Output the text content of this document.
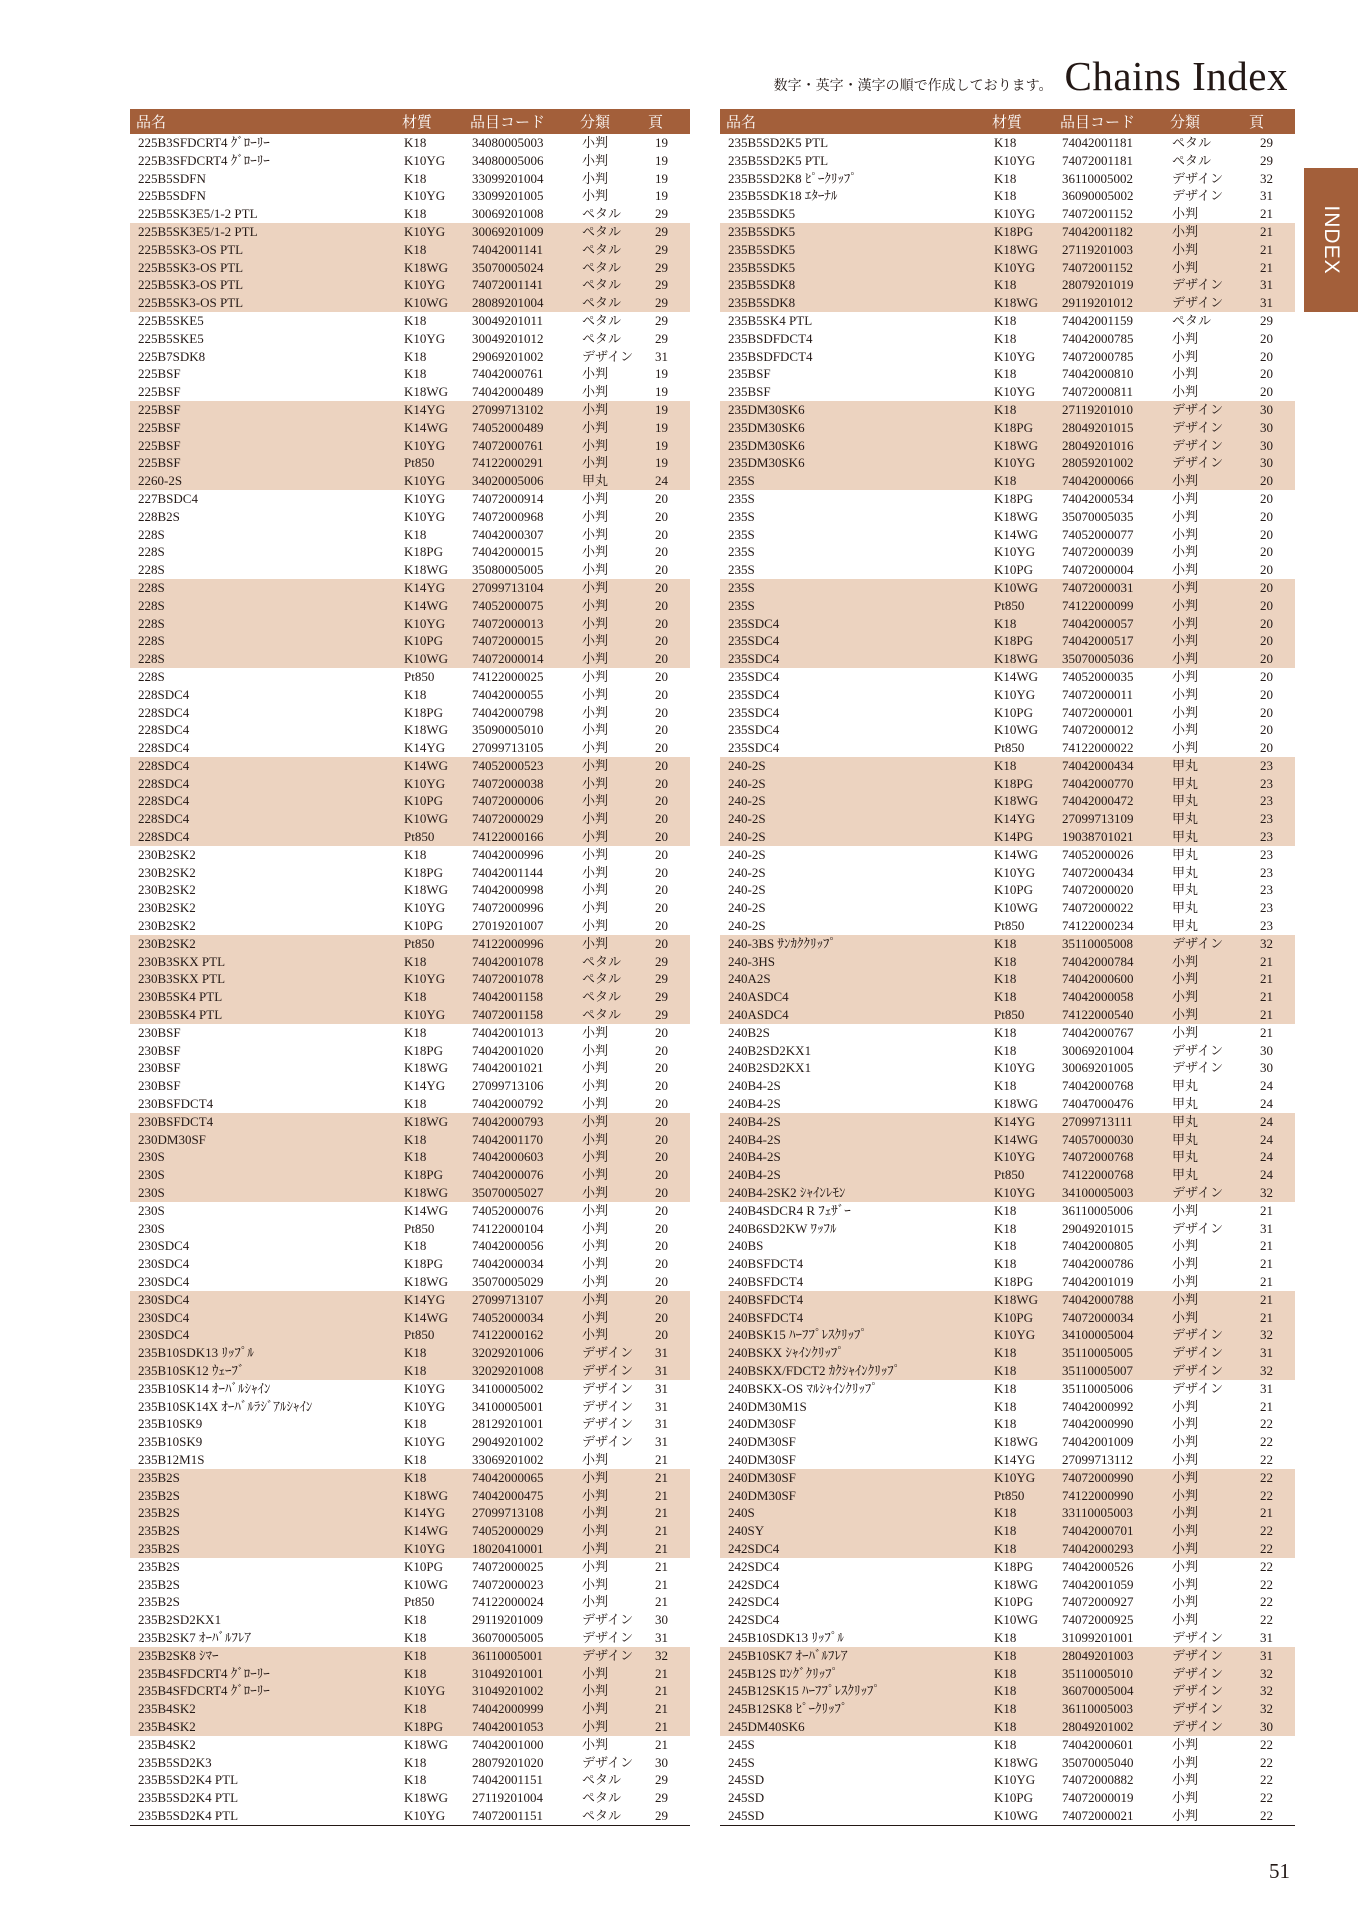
数字・英字・漢字の順で作成しております。 Chains Index
INDEX
品名	材質	品目コード	分類	頁
225B3SFDCRT4 ｸﾞﾛｰﾘｰ	K18	34080005003	小判	19
225B3SFDCRT4 ｸﾞﾛｰﾘｰ	K10YG	34080005006	小判	19
225B5SDFN	K18	33099201004	小判	19
225B5SDFN	K10YG	33099201005	小判	19
225B5SK3E5/1-2 PTL	K18	30069201008	ペタル	29
225B5SK3E5/1-2 PTL	K10YG	30069201009	ペタル	29
225B5SK3-OS PTL	K18	74042001141	ペタル	29
225B5SK3-OS PTL	K18WG	35070005024	ペタル	29
225B5SK3-OS PTL	K10YG	74072001141	ペタル	29
225B5SK3-OS PTL	K10WG	28089201004	ペタル	29
225B5SKE5	K18	30049201011	ペタル	29
225B5SKE5	K10YG	30049201012	ペタル	29
225B7SDK8	K18	29069201002	デザイン	31
225BSF	K18	74042000761	小判	19
225BSF	K18WG	74042000489	小判	19
225BSF	K14YG	27099713102	小判	19
225BSF	K14WG	74052000489	小判	19
225BSF	K10YG	74072000761	小判	19
225BSF	Pt850	74122000291	小判	19
2260-2S	K10YG	34020005006	甲丸	24
227BSDC4	K10YG	74072000914	小判	20
228B2S	K10YG	74072000968	小判	20
228S	K18	74042000307	小判	20
228S	K18PG	74042000015	小判	20
228S	K18WG	35080005005	小判	20
228S	K14YG	27099713104	小判	20
228S	K14WG	74052000075	小判	20
228S	K10YG	74072000013	小判	20
228S	K10PG	74072000015	小判	20
228S	K10WG	74072000014	小判	20
228S	Pt850	74122000025	小判	20
228SDC4	K18	74042000055	小判	20
228SDC4	K18PG	74042000798	小判	20
228SDC4	K18WG	35090005010	小判	20
228SDC4	K14YG	27099713105	小判	20
228SDC4	K14WG	74052000523	小判	20
228SDC4	K10YG	74072000038	小判	20
228SDC4	K10PG	74072000006	小判	20
228SDC4	K10WG	74072000029	小判	20
228SDC4	Pt850	74122000166	小判	20
230B2SK2	K18	74042000996	小判	20
230B2SK2	K18PG	74042001144	小判	20
230B2SK2	K18WG	74042000998	小判	20
230B2SK2	K10YG	74072000996	小判	20
230B2SK2	K10PG	27019201007	小判	20
230B2SK2	Pt850	74122000996	小判	20
230B3SKX PTL	K18	74042001078	ペタル	29
230B3SKX PTL	K10YG	74072001078	ペタル	29
230B5SK4 PTL	K18	74042001158	ペタル	29
230B5SK4 PTL	K10YG	74072001158	ペタル	29
230BSF	K18	74042001013	小判	20
230BSF	K18PG	74042001020	小判	20
230BSF	K18WG	74042001021	小判	20
230BSF	K14YG	27099713106	小判	20
230BSFDCT4	K18	74042000792	小判	20
230BSFDCT4	K18WG	74042000793	小判	20
230DM30SF	K18	74042001170	小判	20
230S	K18	74042000603	小判	20
230S	K18PG	74042000076	小判	20
230S	K18WG	35070005027	小判	20
230S	K14WG	74052000076	小判	20
230S	Pt850	74122000104	小判	20
230SDC4	K18	74042000056	小判	20
230SDC4	K18PG	74042000034	小判	20
230SDC4	K18WG	35070005029	小判	20
230SDC4	K14YG	27099713107	小判	20
230SDC4	K14WG	74052000034	小判	20
230SDC4	Pt850	74122000162	小判	20
235B10SDK13 ﾘｯﾌﾟﾙ	K18	32029201006	デザイン	31
235B10SK12 ｳｪｰﾌﾞ	K18	32029201008	デザイン	31
235B10SK14 ｵｰﾊﾞﾙｼｬｲﾝ	K10YG	34100005002	デザイン	31
235B10SK14X ｵｰﾊﾞﾙﾗｼﾞｱﾙｼｬｲﾝ	K10YG	34100005001	デザイン	31
235B10SK9	K18	28129201001	デザイン	31
235B10SK9	K10YG	29049201002	デザイン	31
235B12M1S	K18	33069201002	小判	21
235B2S	K18	74042000065	小判	21
235B2S	K18WG	74042000475	小判	21
235B2S	K14YG	27099713108	小判	21
235B2S	K14WG	74052000029	小判	21
235B2S	K10YG	18020410001	小判	21
235B2S	K10PG	74072000025	小判	21
235B2S	K10WG	74072000023	小判	21
235B2S	Pt850	74122000024	小判	21
235B2SD2KX1	K18	29119201009	デザイン	30
235B2SK7 ｵｰﾊﾞﾙﾌﾚｱ	K18	36070005005	デザイン	31
235B2SK8 ｼﾏｰ	K18	36110005001	デザイン	32
235B4SFDCRT4 ｸﾞﾛｰﾘｰ	K18	31049201001	小判	21
235B4SFDCRT4 ｸﾞﾛｰﾘｰ	K10YG	31049201002	小判	21
235B4SK2	K18	74042000999	小判	21
235B4SK2	K18PG	74042001053	小判	21
235B4SK2	K18WG	74042001000	小判	21
235B5SD2K3	K18	28079201020	デザイン	30
235B5SD2K4 PTL	K18	74042001151	ペタル	29
235B5SD2K4 PTL	K18WG	27119201004	ペタル	29
235B5SD2K4 PTL	K10YG	74072001151	ペタル	29
品名	材質	品目コード	分類	頁
235B5SD2K5 PTL	K18	74042001181	ペタル	29
235B5SD2K5 PTL	K10YG	74072001181	ペタル	29
235B5SD2K8 ﾋﾟｰｸﾘｯﾌﾟ	K18	36110005002	デザイン	32
235B5SDK18 ｴﾀｰﾅﾙ	K18	36090005002	デザイン	31
235B5SDK5	K10YG	74072001152	小判	21
235B5SDK5	K18PG	74042001182	小判	21
235B5SDK5	K18WG	27119201003	小判	21
235B5SDK5	K10YG	74072001152	小判	21
235B5SDK8	K18	28079201019	デザイン	31
235B5SDK8	K18WG	29119201012	デザイン	31
235B5SK4 PTL	K18	74042001159	ペタル	29
235BSDFDCT4	K18	74042000785	小判	20
235BSDFDCT4	K10YG	74072000785	小判	20
235BSF	K18	74042000810	小判	20
235BSF	K10YG	74072000811	小判	20
235DM30SK6	K18	27119201010	デザイン	30
235DM30SK6	K18PG	28049201015	デザイン	30
235DM30SK6	K18WG	28049201016	デザイン	30
235DM30SK6	K10YG	28059201002	デザイン	30
235S	K18	74042000066	小判	20
235S	K18PG	74042000534	小判	20
235S	K18WG	35070005035	小判	20
235S	K14WG	74052000077	小判	20
235S	K10YG	74072000039	小判	20
235S	K10PG	74072000004	小判	20
235S	K10WG	74072000031	小判	20
235S	Pt850	74122000099	小判	20
235SDC4	K18	74042000057	小判	20
235SDC4	K18PG	74042000517	小判	20
235SDC4	K18WG	35070005036	小判	20
235SDC4	K14WG	74052000035	小判	20
235SDC4	K10YG	74072000011	小判	20
235SDC4	K10PG	74072000001	小判	20
235SDC4	K10WG	74072000012	小判	20
235SDC4	Pt850	74122000022	小判	20
240-2S	K18	74042000434	甲丸	23
240-2S	K18PG	74042000770	甲丸	23
240-2S	K18WG	74042000472	甲丸	23
240-2S	K14YG	27099713109	甲丸	23
240-2S	K14PG	19038701021	甲丸	23
240-2S	K14WG	74052000026	甲丸	23
240-2S	K10YG	74072000434	甲丸	23
240-2S	K10PG	74072000020	甲丸	23
240-2S	K10WG	74072000022	甲丸	23
240-2S	Pt850	74122000234	甲丸	23
240-3BS ｻﾝｶｸｸﾘｯﾌﾟ	K18	35110005008	デザイン	32
240-3HS	K18	74042000784	小判	21
240A2S	K18	74042000600	小判	21
240ASDC4	K18	74042000058	小判	21
240ASDC4	Pt850	74122000540	小判	21
240B2S	K18	74042000767	小判	21
240B2SD2KX1	K18	30069201004	デザイン	30
240B2SD2KX1	K10YG	30069201005	デザイン	30
240B4-2S	K18	74042000768	甲丸	24
240B4-2S	K18WG	74047000476	甲丸	24
240B4-2S	K14YG	27099713111	甲丸	24
240B4-2S	K14WG	74057000030	甲丸	24
240B4-2S	K10YG	74072000768	甲丸	24
240B4-2S	Pt850	74122000768	甲丸	24
240B4-2SK2 ｼｬｲﾝﾚﾓﾝ	K10YG	34100005003	デザイン	32
240B4SDCR4 R ﾌｪｻﾞｰ	K18	36110005006	小判	21
240B6SD2KW ﾜｯﾌﾙ	K18	29049201015	デザイン	31
240BS	K18	74042000805	小判	21
240BSFDCT4	K18	74042000786	小判	21
240BSFDCT4	K18PG	74042001019	小判	21
240BSFDCT4	K18WG	74042000788	小判	21
240BSFDCT4	K10PG	74072000034	小判	21
240BSK15 ﾊｰﾌﾌﾟﾚｽｸﾘｯﾌﾟ	K10YG	34100005004	デザイン	32
240BSKX ｼｬｲﾝｸﾘｯﾌﾟ	K18	35110005005	デザイン	31
240BSKX/FDCT2 ｶｸｼｬｲﾝｸﾘｯﾌﾟ	K18	35110005007	デザイン	32
240BSKX-OS ﾏﾙｼｬｲﾝｸﾘｯﾌﾟ	K18	35110005006	デザイン	31
240DM30M1S	K18	74042000992	小判	21
240DM30SF	K18	74042000990	小判	22
240DM30SF	K18WG	74042001009	小判	22
240DM30SF	K14YG	27099713112	小判	22
240DM30SF	K10YG	74072000990	小判	22
240DM30SF	Pt850	74122000990	小判	22
240S	K18	33110005003	小判	21
240SY	K18	74042000701	小判	22
242SDC4	K18	74042000293	小判	22
242SDC4	K18PG	74042000526	小判	22
242SDC4	K18WG	74042001059	小判	22
242SDC4	K10PG	74072000927	小判	22
242SDC4	K10WG	74072000925	小判	22
245B10SDK13 ﾘｯﾌﾟﾙ	K18	31099201001	デザイン	31
245B10SK7 ｵｰﾊﾞﾙﾌﾚｱ	K18	28049201003	デザイン	31
245B12S ﾛﾝｸﾞｸﾘｯﾌﾟ	K18	35110005010	デザイン	32
245B12SK15 ﾊｰﾌﾌﾟﾚｽｸﾘｯﾌﾟ	K18	36070005004	デザイン	32
245B12SK8 ﾋﾟｰｸﾘｯﾌﾟ	K18	36110005003	デザイン	32
245DM40SK6	K18	28049201002	デザイン	30
245S	K18	74042000601	小判	22
245S	K18WG	35070005040	小判	22
245SD	K10YG	74072000882	小判	22
245SD	K10PG	74072000019	小判	22
245SD	K10WG	74072000021	小判	22
51
